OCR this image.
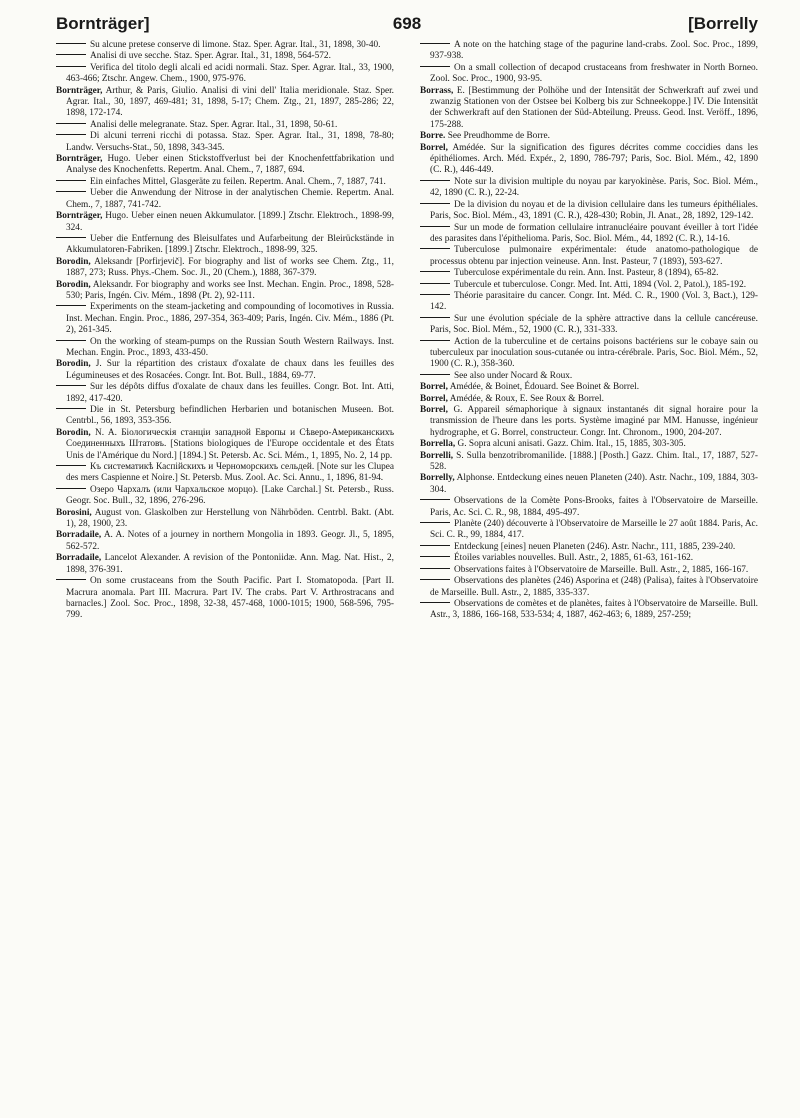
Bornträger]	698	[Borrelly

Su alcune pretese conserve di limone. Staz. Sper. Agrar. Ital., 31, 1898, 30-40.

Analisi di uve secche. Staz. Sper. Agrar. Ital., 31, 1898, 564-572.

Verifica del titolo degli alcali ed acidi normali. Staz. Sper. Agrar. Ital., 33, 1900, 463-466; Ztschr. Angew. Chem., 1900, 975-976.

Bornträger, Arthur, & Paris, Giulio. Analisi di vini dell' Italia meridionale. Staz. Sper. Agrar. Ital., 30, 1897, 469-481; 31, 1898, 5-17; Chem. Ztg., 21, 1897, 285-286; 22, 1898, 172-174.

Analisi delle melegranate. Staz. Sper. Agrar. Ital., 31, 1898, 50-61.

Di alcuni terreni ricchi di potassa. Staz. Sper. Agrar. Ital., 31, 1898, 78-80; Landw. Versuchs-Stat., 50, 1898, 343-345.

Bornträger, Hugo. Ueber einen Stickstoffverlust bei der Knochenfettfabrikation und Analyse des Knochenfetts. Repertm. Anal. Chem., 7, 1887, 694.

Ein einfaches Mittel, Glasgeräte zu feilen. Repertm. Anal. Chem., 7, 1887, 741.

Ueber die Anwendung der Nitrose in der analytischen Chemie. Repertm. Anal. Chem., 7, 1887, 741-742.

Bornträger, Hugo. Ueber einen neuen Akkumulator. [1899.] Ztschr. Elektroch., 1898-99, 324.

Ueber die Entfernung des Bleisulfates und Aufarbeitung der Bleirückstände in Akkumulatoren-Fabriken. [1899.] Ztschr. Elektroch., 1898-99, 325.

Borodin, Aleksandr [Porfirjevič]. For biography and list of works see Chem. Ztg., 11, 1887, 273; Russ. Phys.-Chem. Soc. Jl., 20 (Chem.), 1888, 367-379.

Borodin, Aleksandr. For biography and works see Inst. Mechan. Engin. Proc., 1898, 528-530; Paris, Ingén. Civ. Mém., 1898 (Pt. 2), 92-111.

Experiments on the steam-jacketing and compounding of locomotives in Russia. Inst. Mechan. Engin. Proc., 1886, 297-354, 363-409; Paris, Ingén. Civ. Mém., 1886 (Pt. 2), 261-345.

On the working of steam-pumps on the Russian South Western Railways. Inst. Mechan. Engin. Proc., 1893, 433-450.

Borodin, J. Sur la répartition des cristaux d'oxalate de chaux dans les feuilles des Légumineuses et des Rosacées. Congr. Int. Bot. Bull., 1884, 69-77.

Sur les dépôts diffus d'oxalate de chaux dans les feuilles. Congr. Bot. Int. Atti, 1892, 417-420.

Die in St. Petersburg befindlichen Herbarien und botanischen Museen. Bot. Centrbl., 56, 1893, 353-356.

Borodin, N. A. Біологическія станціи западной Европы и Сѣверо-Американскихъ Соединенныхъ Штатовъ. [Stations biologiques de l'Europe occidentale et des États Unis de l'Amérique du Nord.] [1894.] St. Petersb. Ac. Sci. Mém., 1, 1895, No. 2, 14 pp.

Къ систематикѣ Каспійскихъ и Черноморскихъ сельдей. [Note sur les Clupea des mers Caspienne et Noire.] St. Petersb. Mus. Zool. Ac. Sci. Annu., 1, 1896, 81-94.

Озеро Чархалъ (или Чархальское морцо). [Lake Carchal.] St. Petersb., Russ. Geogr. Soc. Bull., 32, 1896, 276-296.

Borosini, August von. Glaskolben zur Herstellung von Nährböden. Centrbl. Bakt. (Abt. 1), 28, 1900, 23.

Borradaile, A. A. Notes of a journey in northern Mongolia in 1893. Geogr. Jl., 5, 1895, 562-572.

Borradaile, Lancelot Alexander. A revision of the Pontoniidæ. Ann. Mag. Nat. Hist., 2, 1898, 376-391.

On some crustaceans from the South Pacific. Part I. Stomatopoda. [Part II. Macrura anomala. Part III. Macrura. Part IV. The crabs. Part V. Arthrostracans and barnacles.] Zool. Soc. Proc., 1898, 32-38, 457-468, 1000-1015; 1900, 568-596, 795-799.

A note on the hatching stage of the pagurine land-crabs. Zool. Soc. Proc., 1899, 937-938.

On a small collection of decapod crustaceans from freshwater in North Borneo. Zool. Soc. Proc., 1900, 93-95.

Borrass, E. [Bestimmung der Polhöhe und der Intensität der Schwerkraft auf zwei und zwanzig Stationen von der Ostsee bei Kolberg bis zur Schneekoppe.] IV. Die Intensität der Schwerkraft auf den Stationen der Süd-Abteilung. Preuss. Geod. Inst. Veröff., 1896, 175-288.

Borre. See Preudhomme de Borre.

Borrel, Amédée. Sur la signification des figures décrites comme coccidies dans les épithéliomes. Arch. Méd. Expér., 2, 1890, 786-797; Paris, Soc. Biol. Mém., 42, 1890 (C. R.), 446-449.

Note sur la division multiple du noyau par karyokinèse. Paris, Soc. Biol. Mém., 42, 1890 (C. R.), 22-24.

De la division du noyau et de la division cellulaire dans les tumeurs épithéliales. Paris, Soc. Biol. Mém., 43, 1891 (C. R.), 428-430; Robin, Jl. Anat., 28, 1892, 129-142.

Sur un mode de formation cellulaire intranucléaire pouvant éveiller à tort l'idée des parasites dans l'épithelioma. Paris, Soc. Biol. Mém., 44, 1892 (C. R.), 14-16.

Tuberculose pulmonaire expérimentale: étude anatomo-pathologique de processus obtenu par injection veineuse. Ann. Inst. Pasteur, 7 (1893), 593-627.

Tuberculose expérimentale du rein. Ann. Inst. Pasteur, 8 (1894), 65-82.

Tubercule et tuberculose. Congr. Med. Int. Atti, 1894 (Vol. 2, Patol.), 185-192.

Théorie parasitaire du cancer. Congr. Int. Méd. C. R., 1900 (Vol. 3, Bact.), 129-142.

Sur une évolution spéciale de la sphère attractive dans la cellule cancéreuse. Paris, Soc. Biol. Mém., 52, 1900 (C. R.), 331-333.

Action de la tuberculine et de certains poisons bactériens sur le cobaye sain ou tuberculeux par inoculation sous-cutanée ou intra-cérébrale. Paris, Soc. Biol. Mém., 52, 1900 (C. R.), 358-360.

See also under Nocard & Roux.

Borrel, Amédée, & Boinet, Édouard. See Boinet & Borrel.

Borrel, Amédée, & Roux, E. See Roux & Borrel.

Borrel, G. Appareil sémaphorique à signaux instantanés dit signal horaire pour la transmission de l'heure dans les ports. Système imaginé par MM. Hanusse, ingénieur hydrographe, et G. Borrel, constructeur. Congr. Int. Chronom., 1900, 204-207.

Borrella, G. Sopra alcuni anisati. Gazz. Chim. Ital., 15, 1885, 303-305.

Borrelli, S. Sulla benzotribromanilide. [1888.] [Posth.] Gazz. Chim. Ital., 17, 1887, 527-528.

Borrelly, Alphonse. Entdeckung eines neuen Planeten (240). Astr. Nachr., 109, 1884, 303-304.

Observations de la Comète Pons-Brooks, faites à l'Observatoire de Marseille. Paris, Ac. Sci. C. R., 98, 1884, 495-497.

Planète (240) découverte à l'Observatoire de Marseille le 27 août 1884. Paris, Ac. Sci. C. R., 99, 1884, 417.

Entdeckung [eines] neuen Planeten (246). Astr. Nachr., 111, 1885, 239-240.

Étoiles variables nouvelles. Bull. Astr., 2, 1885, 61-63, 161-162.

Observations faites à l'Observatoire de Marseille. Bull. Astr., 2, 1885, 166-167.

Observations des planètes (246) Asporina et (248) (Palisa), faites à l'Observatoire de Marseille. Bull. Astr., 2, 1885, 335-337.

Observations de comètes et de planètes, faites à l'Observatoire de Marseille. Bull. Astr., 3, 1886, 166-168, 533-534; 4, 1887, 462-463; 6, 1889, 257-259;
